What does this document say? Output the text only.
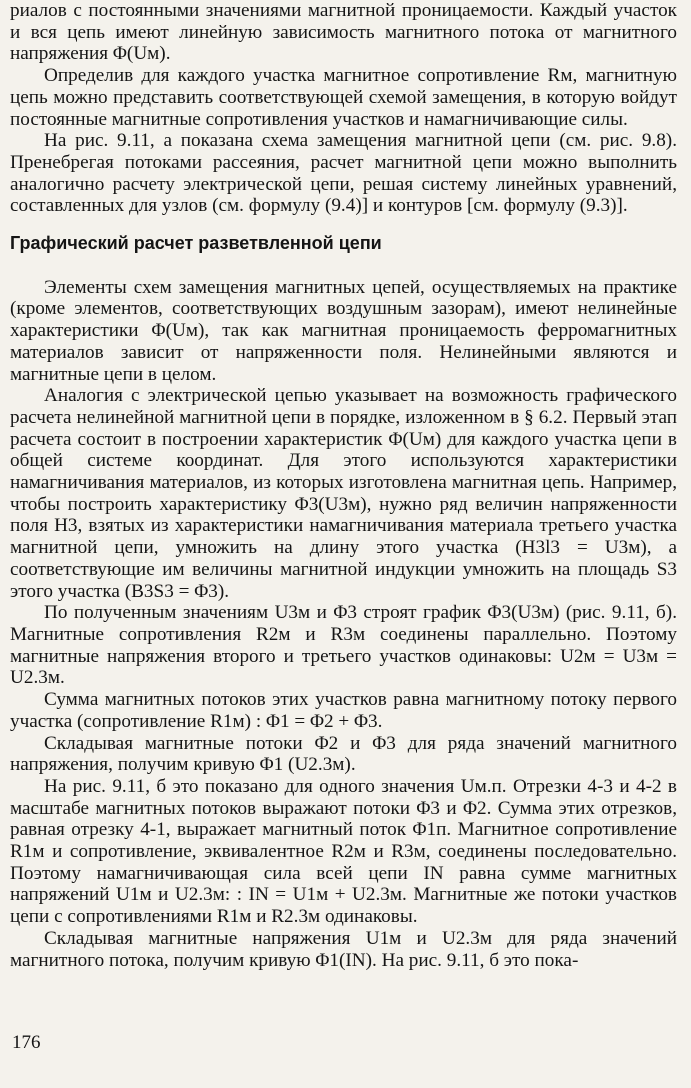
риалов с постоянными значениями магнитной проницаемости. Каждый участок и вся цепь имеют линейную зависимость магнитного потока от магнитного напряжения Φ(Uм).

Определив для каждого участка магнитное сопротивление Rм, магнитную цепь можно представить соответствующей схемой замещения, в которую войдут постоянные магнитные сопротивления участков и намагничивающие силы.

На рис. 9.11, а показана схема замещения магнитной цепи (см. рис. 9.8). Пренебрегая потоками рассеяния, расчет магнитной цепи можно выполнить аналогично расчету электрической цепи, решая систему линейных уравнений, составленных для узлов (см. формулу (9.4)] и контуров [см. формулу (9.3)].

Графический расчет разветвленной цепи

Элементы схем замещения магнитных цепей, осуществляемых на практике (кроме элементов, соответствующих воздушным зазорам), имеют нелинейные характеристики Φ(Uм), так как магнитная проницаемость ферромагнитных материалов зависит от напряженности поля. Нелинейными являются и магнитные цепи в целом.

Аналогия с электрической цепью указывает на возможность графического расчета нелинейной магнитной цепи в порядке, изложенном в § 6.2. Первый этап расчета состоит в построении характеристик Φ(Uм) для каждого участка цепи в общей системе координат. Для этого используются характеристики намагничивания материалов, из которых изготовлена магнитная цепь. Например, чтобы построить характеристику Φ3(U3м), нужно ряд величин напряженности поля H3, взятых из характеристики намагничивания материала третьего участка магнитной цепи, умножить на длину этого участка (H3l3 = U3м), а соответствующие им величины магнитной индукции умножить на площадь S3 этого участка (B3S3 = Φ3).

По полученным значениям U3м и Φ3 строят график Φ3(U3м) (рис. 9.11, б). Магнитные сопротивления R2м и R3м соединены параллельно. Поэтому магнитные напряжения второго и третьего участков одинаковы: U2м = U3м = U2.3м.

Сумма магнитных потоков этих участков равна магнитному потоку первого участка (сопротивление R1м) : Φ1 = Φ2 + Φ3.

Складывая магнитные потоки Φ2 и Φ3 для ряда значений магнитного напряжения, получим кривую Φ1 (U2.3м).

На рис. 9.11, б это показано для одного значения Uм.п. Отрезки 4-3 и 4-2 в масштабе магнитных потоков выражают потоки Φ3 и Φ2. Сумма этих отрезков, равная отрезку 4-1, выражает магнитный поток Φ1п. Магнитное сопротивление R1м и сопротивление, эквивалентное R2м и R3м, соединены последовательно. Поэтому намагничивающая сила всей цепи IN равна сумме магнитных напряжений U1м и U2.3м: : IN = U1м + U2.3м. Магнитные же потоки участков цепи с сопротивлениями R1м и R2.3м одинаковы.

Складывая магнитные напряжения U1м и U2.3м для ряда значений магнитного потока, получим кривую Φ1(IN). На рис. 9.11, б это пока-

176
